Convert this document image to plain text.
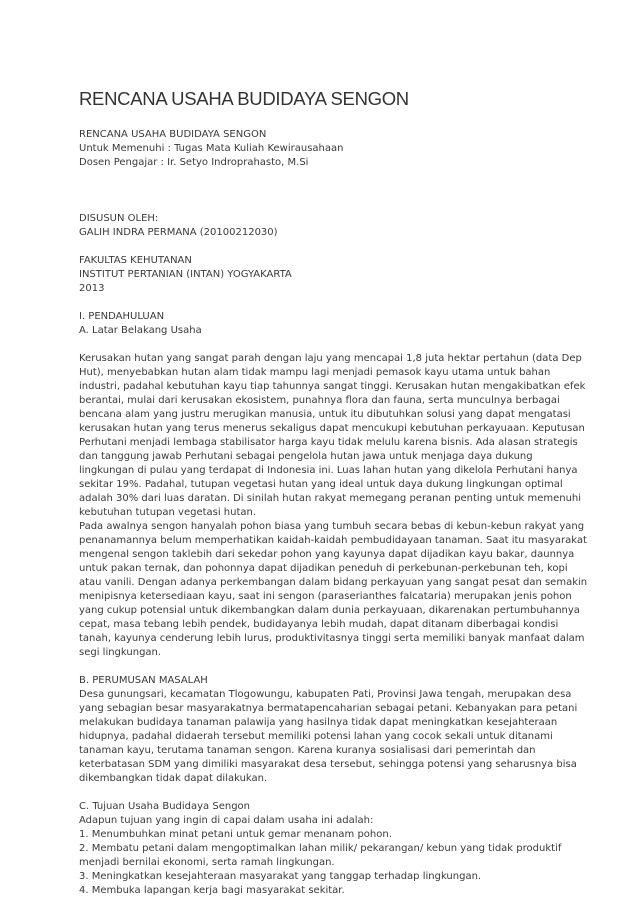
RENCANA USAHA BUDIDAYA SENGON
RENCANA USAHA BUDIDAYA SENGON
Untuk Memenuhi : Tugas Mata Kuliah Kewirausahaan
Dosen Pengajar : Ir. Setyo Indroprahasto, M.Si
DISUSUN OLEH:
GALIH INDRA PERMANA (20100212030)
FAKULTAS KEHUTANAN
INSTITUT PERTANIAN (INTAN) YOGYAKARTA
2013
I. PENDAHULUAN
A. Latar Belakang Usaha
Kerusakan hutan yang sangat parah dengan laju yang mencapai 1,8 juta hektar pertahun (data Dep
Hut), menyebabkan hutan alam tidak mampu lagi menjadi pemasok kayu utama untuk bahan
industri, padahal kebutuhan kayu tiap tahunnya sangat tinggi. Kerusakan hutan mengakibatkan efek
berantai, mulai dari kerusakan ekosistem, punahnya flora dan fauna, serta munculnya berbagai
bencana alam yang justru merugikan manusia, untuk itu dibutuhkan solusi yang dapat mengatasi
kerusakan hutan yang terus menerus sekaligus dapat mencukupi kebutuhan perkayuaan. Keputusan
Perhutani menjadi lembaga stabilisator harga kayu tidak melulu karena bisnis. Ada alasan strategis
dan tanggung jawab Perhutani sebagai pengelola hutan jawa untuk menjaga daya dukung
lingkungan di pulau yang terdapat di Indonesia ini. Luas lahan hutan yang dikelola Perhutani hanya
sekitar 19%. Padahal, tutupan vegetasi hutan yang ideal untuk daya dukung lingkungan optimal
adalah 30% dari luas daratan. Di sinilah hutan rakyat memegang peranan penting untuk memenuhi
kebutuhan tutupan vegetasi hutan.
Pada awalnya sengon hanyalah pohon biasa yang tumbuh secara bebas di kebun-kebun rakyat yang
penanamannya belum memperhatikan kaidah-kaidah pembudidayaan tanaman. Saat itu masyarakat
mengenal sengon taklebih dari sekedar pohon yang kayunya dapat dijadikan kayu bakar, daunnya
untuk pakan ternak, dan pohonnya dapat dijadikan peneduh di perkebunan-perkebunan teh, kopi
atau vanili. Dengan adanya perkembangan dalam bidang perkayuan yang sangat pesat dan semakin
menipisnya ketersediaan kayu, saat ini sengon (paraserianthes falcataria) merupakan jenis pohon
yang cukup potensial untuk dikembangkan dalam dunia perkayuaan, dikarenakan pertumbuhannya
cepat, masa tebang lebih pendek, budidayanya lebih mudah, dapat ditanam diberbagai kondisi
tanah, kayunya cenderung lebih lurus, produktivitasnya tinggi serta memiliki banyak manfaat dalam
segi lingkungan.
B. PERUMUSAN MASALAH
Desa gunungsari, kecamatan Tlogowungu, kabupaten Pati, Provinsi Jawa tengah, merupakan desa
yang sebagian besar masyarakatnya bermatapencaharian sebagai petani. Kebanyakan para petani
melakukan budidaya tanaman palawija yang hasilnya tidak dapat meningkatkan kesejahteraan
hidupnya, padahal didaerah tersebut memiliki potensi lahan yang cocok sekali untuk ditanami
tanaman kayu, terutama tanaman sengon. Karena kuranya sosialisasi dari pemerintah dan
keterbatasan SDM yang dimiliki masyarakat desa tersebut, sehingga potensi yang seharusnya bisa
dikembangkan tidak dapat dilakukan.
C. Tujuan Usaha Budidaya Sengon
Adapun tujuan yang ingin di capai dalam usaha ini adalah:
1. Menumbuhkan minat petani untuk gemar menanam pohon.
2. Membatu petani dalam mengoptimalkan lahan milik/ pekarangan/ kebun yang tidak produktif
menjadi bernilai ekonomi, serta ramah lingkungan.
3. Meningkatkan kesejahteraan masyarakat yang tanggap terhadap lingkungan.
4. Membuka lapangan kerja bagi masyarakat sekitar.
